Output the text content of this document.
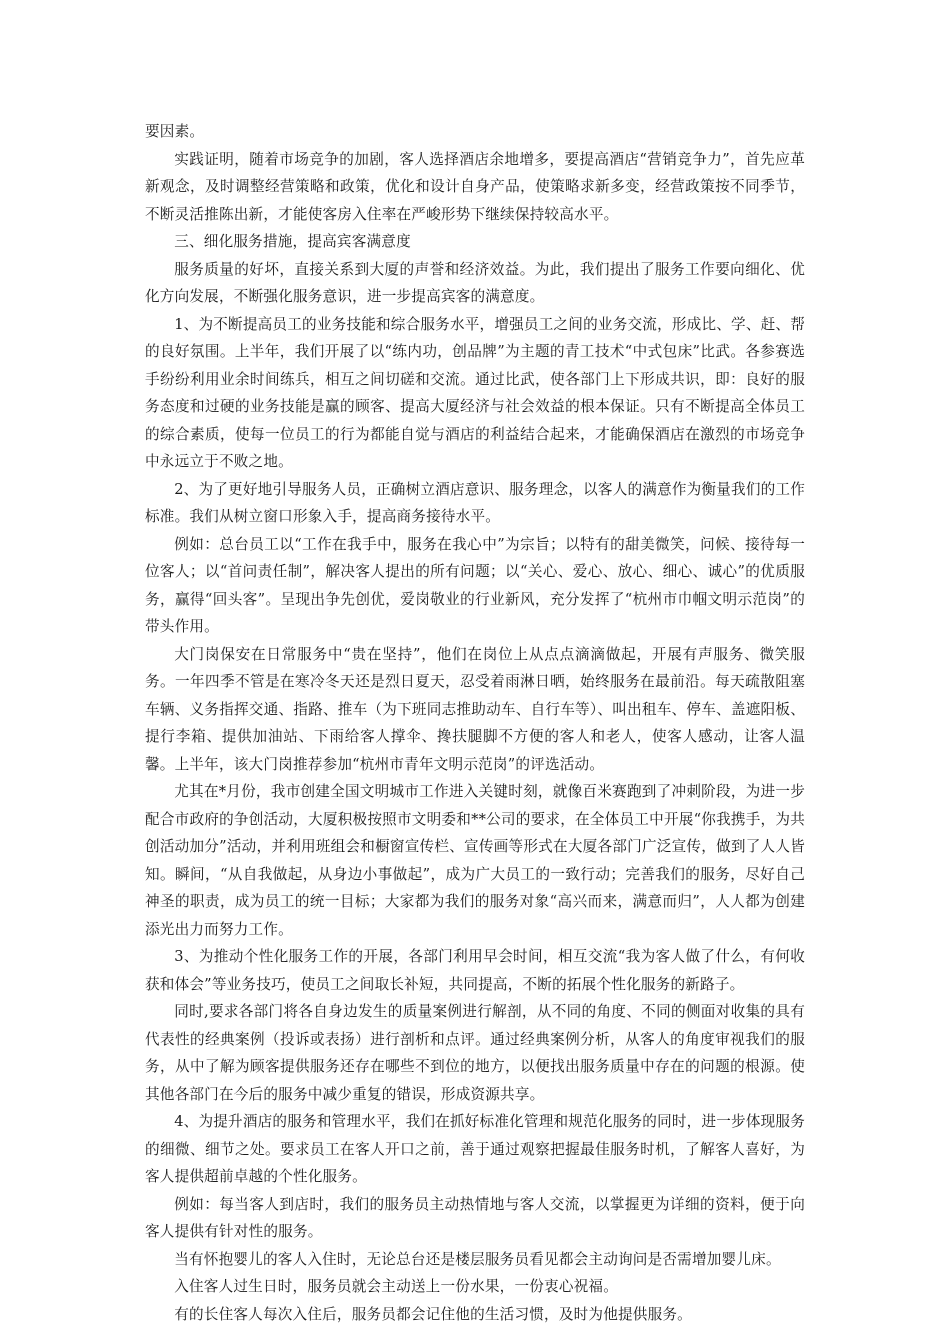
要因素。

实践证明，随着市场竞争的加剧，客人选择酒店余地增多，要提高酒店“营销竞争力”，首先应革新观念，及时调整经营策略和政策，优化和设计自身产品，使策略求新多变，经营政策按不同季节，不断灵活推陈出新，才能使客房入住率在严峻形势下继续保持较高水平。

三、细化服务措施，提高宾客满意度

服务质量的好坏，直接关系到大厦的声誉和经济效益。为此，我们提出了服务工作要向细化、优化方向发展，不断强化服务意识，进一步提高宾客的满意度。

1、为不断提高员工的业务技能和综合服务水平，增强员工之间的业务交流，形成比、学、赶、帮的良好氛围。上半年，我们开展了以“练内功，创品牌”为主题的青工技术“中式包床”比武。各参赛选手纷纷利用业余时间练兵，相互之间切磋和交流。通过比武，使各部门上下形成共识，即：良好的服务态度和过硬的业务技能是赢的顾客、提高大厦经济与社会效益的根本保证。只有不断提高全体员工的综合素质，使每一位员工的行为都能自觉与酒店的利益结合起来，才能确保酒店在激烈的市场竞争中永远立于不败之地。

2、为了更好地引导服务人员，正确树立酒店意识、服务理念，以客人的满意作为衡量我们的工作标准。我们从树立窗口形象入手，提高商务接待水平。

例如：总台员工以“工作在我手中，服务在我心中”为宗旨；以特有的甜美微笑，问候、接待每一位客人；以“首问责任制”，解决客人提出的所有问题；以“关心、爱心、放心、细心、诚心”的优质服务，赢得“回头客”。呈现出争先创优，爱岗敬业的行业新风，充分发挥了“杭州市巾帼文明示范岗”的带头作用。

大门岗保安在日常服务中“贵在坚持”，他们在岗位上从点点滴滴做起，开展有声服务、微笑服务。一年四季不管是在寒冷冬天还是烈日夏天，忍受着雨淋日晒，始终服务在最前沿。每天疏散阻塞车辆、义务指挥交通、指路、推车（为下班同志推助动车、自行车等）、叫出租车、停车、盖遮阳板、提行李箱、提供加油站、下雨给客人撑伞、搀扶腿脚不方便的客人和老人，使客人感动，让客人温馨。上半年，该大门岗推荐参加“杭州市青年文明示范岗”的评选活动。

尤其在*月份，我市创建全国文明城市工作进入关键时刻，就像百米赛跑到了冲刺阶段，为进一步配合市政府的争创活动，大厦积极按照市文明委和**公司的要求，在全体员工中开展“你我携手，为共创活动加分”活动，并利用班组会和橱窗宣传栏、宣传画等形式在大厦各部门广泛宣传，做到了人人皆知。瞬间，“从自我做起，从身边小事做起”，成为广大员工的一致行动；完善我们的服务，尽好自己神圣的职责，成为员工的统一目标；大家都为我们的服务对象“高兴而来，满意而归”，人人都为创建添光出力而努力工作。

3、为推动个性化服务工作的开展，各部门利用早会时间，相互交流“我为客人做了什么，有何收获和体会”等业务技巧，使员工之间取长补短，共同提高，不断的拓展个性化服务的新路子。

同时,要求各部门将各自身边发生的质量案例进行解剖，从不同的角度、不同的侧面对收集的具有代表性的经典案例（投诉或表扬）进行剖析和点评。通过经典案例分析，从客人的角度审视我们的服务，从中了解为顾客提供服务还存在哪些不到位的地方，以便找出服务质量中存在的问题的根源。使其他各部门在今后的服务中减少重复的错误，形成资源共享。

4、为提升酒店的服务和管理水平，我们在抓好标准化管理和规范化服务的同时，进一步体现服务的细微、细节之处。要求员工在客人开口之前，善于通过观察把握最佳服务时机，了解客人喜好，为客人提供超前卓越的个性化服务。

例如：每当客人到店时，我们的服务员主动热情地与客人交流，以掌握更为详细的资料，便于向客人提供有针对性的服务。

当有怀抱婴儿的客人入住时，无论总台还是楼层服务员看见都会主动询问是否需增加婴儿床。

入住客人过生日时，服务员就会主动送上一份水果，一份衷心祝福。

有的长住客人每次入住后，服务员都会记住他的生活习惯，及时为他提供服务。
